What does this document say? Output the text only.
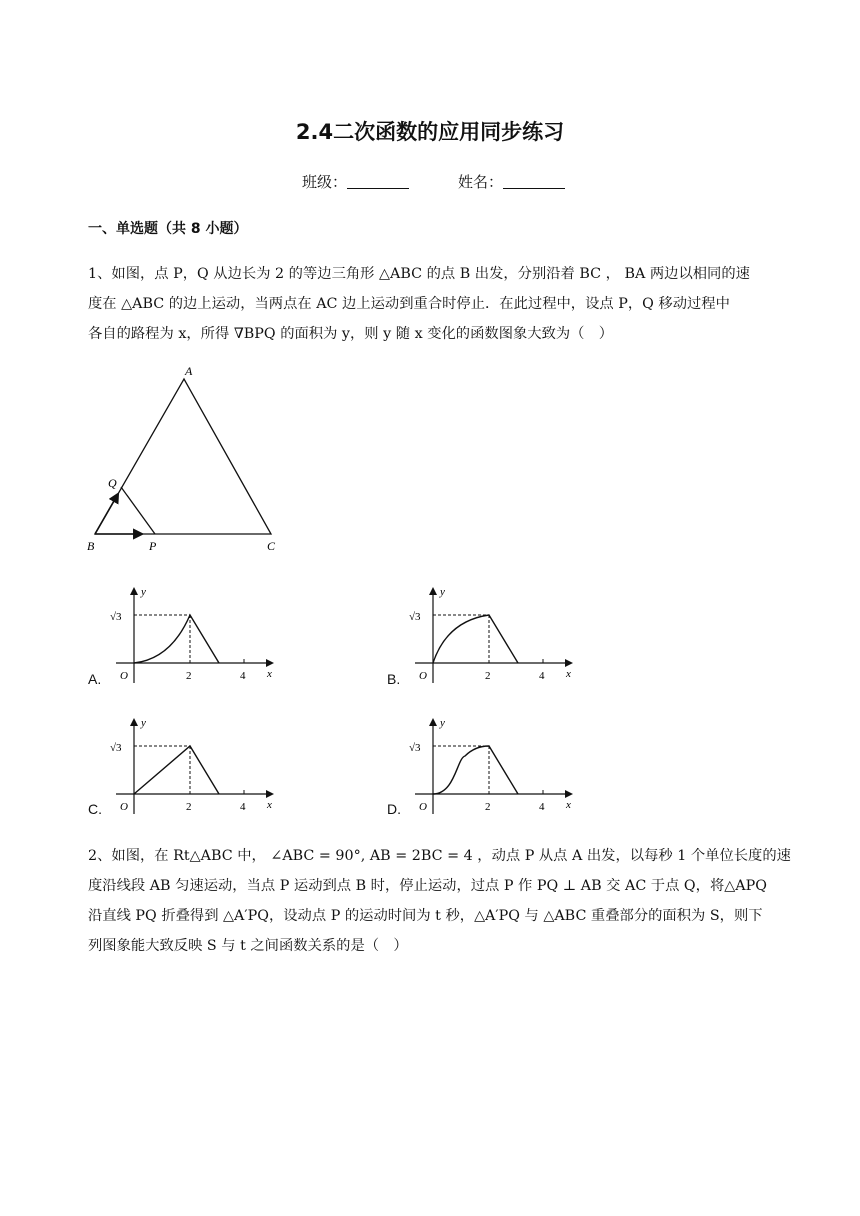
2.4二次函数的应用同步练习
班级：	姓名：
一、单选题（共 8 小题）

1、如图，点 P，Q 从边长为 2 的等边三角形 △ABC 的点 B 出发，分别沿着 BC ， BA 两边以相同的速

度在 △ABC 的边上运动，当两点在 AC 边上运动到重合时停止．在此过程中，设点 P，Q 移动过程中

各自的路程为 x，所得 ∇BPQ 的面积为 y，则 y 随 x 变化的函数图象大致为（　）

A
B	C
P
Q
A.
y
x
O	2	4
√3
B.
y
x
O	2	4
√3
C.
y
x
O	2	4
√3
D.
y
x
O	2	4
√3

2、如图，在 Rt△ABC 中， ∠ABC = 90°, AB = 2BC = 4 ，动点 P 从点 A 出发，以每秒 1 个单位长度的速

度沿线段 AB 匀速运动，当点 P 运动到点 B 时，停止运动，过点 P 作 PQ ⊥ AB 交 AC 于点 Q，将△APQ

沿直线 PQ 折叠得到 △A′PQ，设动点 P 的运动时间为 t 秒，△A′PQ 与 △ABC 重叠部分的面积为 S，则下

列图象能大致反映 S 与 t 之间函数关系的是（　）
